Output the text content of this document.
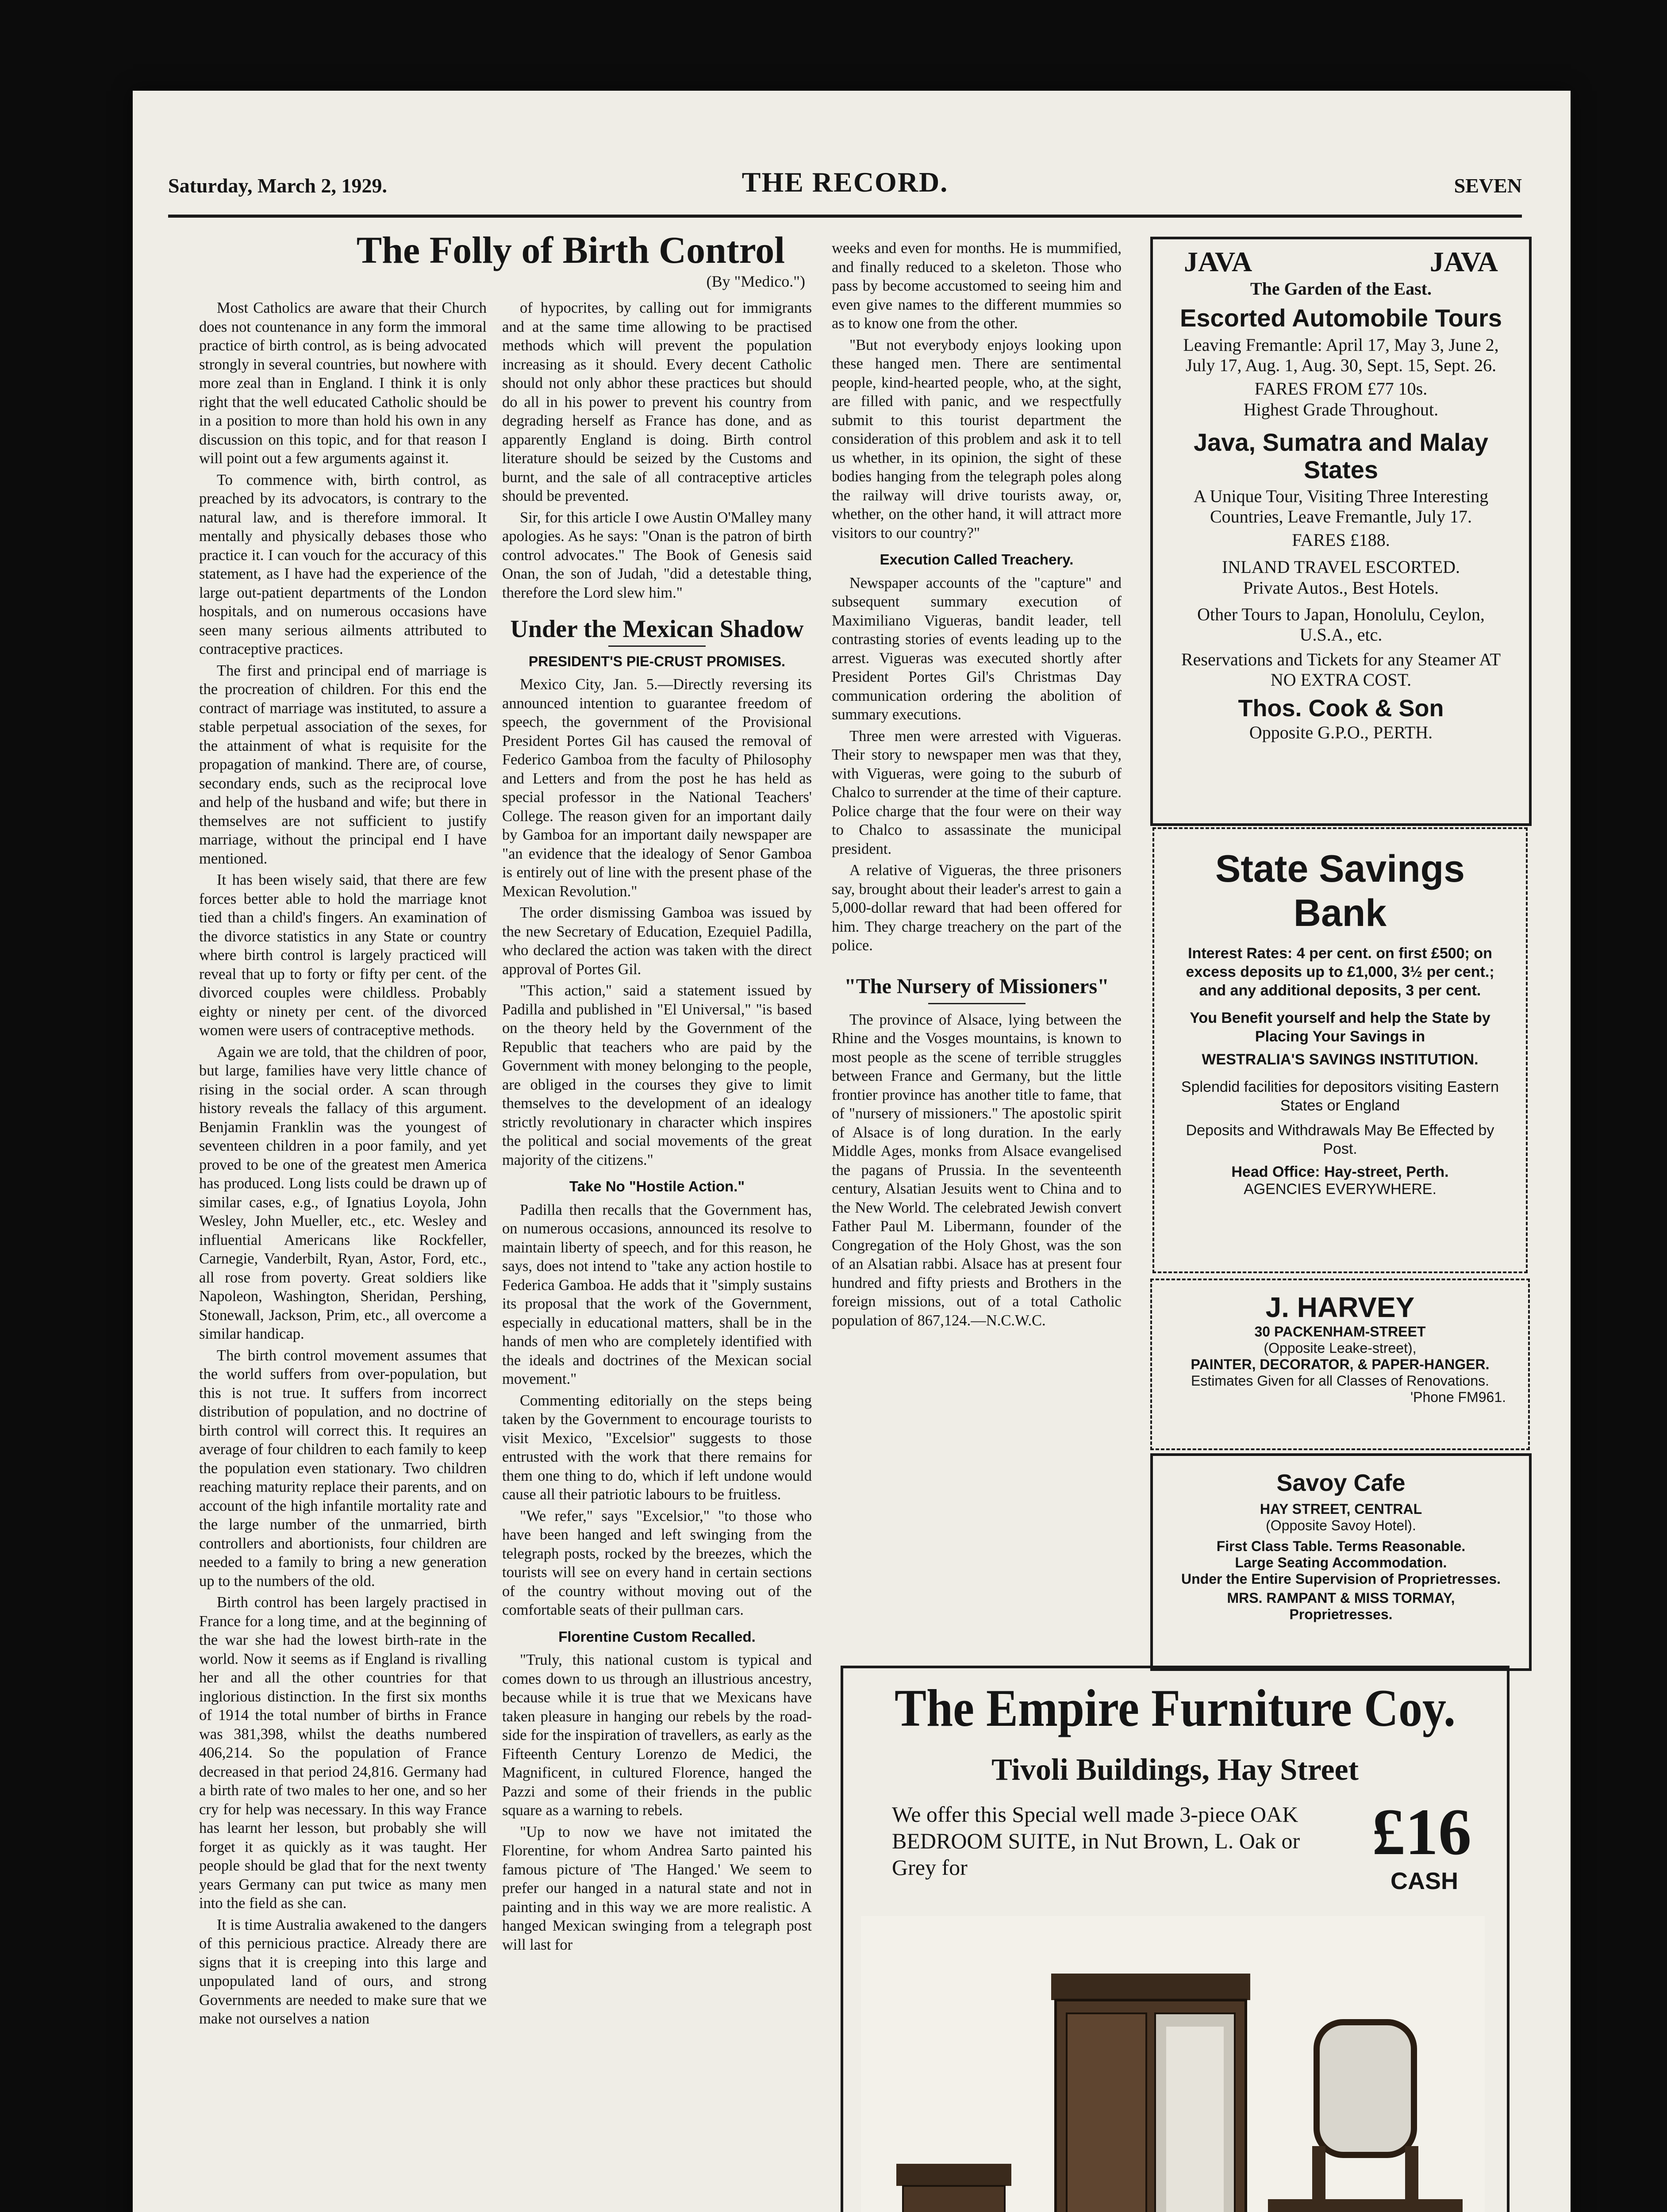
Saturday, March 2, 1929.	THE RECORD.	SEVEN
The Folly of Birth Control
(By "Medico.")

Most Catholics are aware that their Church does not countenance in any form the immoral practice of birth control, as is being advocated strongly in several countries, but nowhere with more zeal than in England. I think it is only right that the well educated Catholic should be in a position to more than hold his own in any discussion on this topic, and for that reason I will point out a few arguments against it.

To commence with, birth control, as preached by its advocators, is contrary to the natural law, and is therefore immoral. It mentally and physically debases those who practice it. I can vouch for the accuracy of this statement, as I have had the experience of the large out-patient departments of the London hospitals, and on numerous occasions have seen many serious ailments attributed to contraceptive practices.

The first and principal end of marriage is the procreation of children. For this end the contract of marriage was instituted, to assure a stable perpetual association of the sexes, for the attainment of what is requisite for the propagation of mankind. There are, of course, secondary ends, such as the reciprocal love and help of the husband and wife; but there in themselves are not sufficient to justify marriage, without the principal end I have mentioned.

It has been wisely said, that there are few forces better able to hold the marriage knot tied than a child's fingers. An examination of the divorce statistics in any State or country where birth control is largely practiced will reveal that up to forty or fifty per cent. of the divorced couples were childless. Probably eighty or ninety per cent. of the divorced women were users of contraceptive methods.

Again we are told, that the children of poor, but large, families have very little chance of rising in the social order. A scan through history reveals the fallacy of this argument. Benjamin Franklin was the youngest of seventeen children in a poor family, and yet proved to be one of the greatest men America has produced. Long lists could be drawn up of similar cases, e.g., of Ignatius Loyola, John Wesley, John Mueller, etc., etc. Wesley and influential Americans like Rockfeller, Carnegie, Vanderbilt, Ryan, Astor, Ford, etc., all rose from poverty. Great soldiers like Napoleon, Washington, Sheridan, Pershing, Stonewall, Jackson, Prim, etc., all overcome a similar handicap.

The birth control movement assumes that the world suffers from over-population, but this is not true. It suffers from incorrect distribution of population, and no doctrine of birth control will correct this. It requires an average of four children to each family to keep the population even stationary. Two children reaching maturity replace their parents, and on account of the high infantile mortality rate and the large number of the unmarried, birth controllers and abortionists, four children are needed to a family to bring a new generation up to the numbers of the old.

Birth control has been largely practised in France for a long time, and at the beginning of the war she had the lowest birth-rate in the world. Now it seems as if England is rivalling her and all the other countries for that inglorious distinction. In the first six months of 1914 the total number of births in France was 381,398, whilst the deaths numbered 406,214. So the population of France decreased in that period 24,816. Germany had a birth rate of two males to her one, and so her cry for help was necessary. In this way France has learnt her lesson, but probably she will forget it as quickly as it was taught. Her people should be glad that for the next twenty years Germany can put twice as many men into the field as she can.

It is time Australia awakened to the dangers of this pernicious practice. Already there are signs that it is creeping into this large and unpopulated land of ours, and strong Governments are needed to make sure that we make not ourselves a nation

of hypocrites, by calling out for immigrants and at the same time allowing to be practised methods which will prevent the population increasing as it should. Every decent Catholic should not only abhor these practices but should do all in his power to prevent his country from degrading herself as France has done, and as apparently England is doing. Birth control literature should be seized by the Customs and burnt, and the sale of all contraceptive articles should be prevented.

Sir, for this article I owe Austin O'Malley many apologies. As he says: "Onan is the patron of birth control advocates." The Book of Genesis said Onan, the son of Judah, "did a detestable thing, therefore the Lord slew him."

Under the Mexican Shadow
PRESIDENT'S PIE-CRUST PROMISES.

Mexico City, Jan. 5.—Directly reversing its announced intention to guarantee freedom of speech, the government of the Provisional President Portes Gil has caused the removal of Federico Gamboa from the faculty of Philosophy and Letters and from the post he has held as special professor in the National Teachers' College. The reason given for an important daily by Gamboa for an important daily newspaper are "an evidence that the idealogy of Senor Gamboa is entirely out of line with the present phase of the Mexican Revolution."

The order dismissing Gamboa was issued by the new Secretary of Education, Ezequiel Padilla, who declared the action was taken with the direct approval of Portes Gil.

"This action," said a statement issued by Padilla and published in "El Universal," "is based on the theory held by the Government of the Republic that teachers who are paid by the Government with money belonging to the people, are obliged in the courses they give to limit themselves to the development of an idealogy strictly revolutionary in character which inspires the political and social movements of the great majority of the citizens."

Take No "Hostile Action."

Padilla then recalls that the Government has, on numerous occasions, announced its resolve to maintain liberty of speech, and for this reason, he says, does not intend to "take any action hostile to Federica Gamboa. He adds that it "simply sustains its proposal that the work of the Government, especially in educational matters, shall be in the hands of men who are completely identified with the ideals and doctrines of the Mexican social movement."

Commenting editorially on the steps being taken by the Government to encourage tourists to visit Mexico, "Excelsior" suggests to those entrusted with the work that there remains for them one thing to do, which if left undone would cause all their patriotic labours to be fruitless.

"We refer," says "Excelsior," "to those who have been hanged and left swinging from the telegraph posts, rocked by the breezes, which the tourists will see on every hand in certain sections of the country without moving out of the comfortable seats of their pullman cars.

Florentine Custom Recalled.

"Truly, this national custom is typical and comes down to us through an illustrious ancestry, because while it is true that we Mexicans have taken pleasure in hanging our rebels by the road-side for the inspiration of travellers, as early as the Fifteenth Century Lorenzo de Medici, the Magnificent, in cultured Florence, hanged the Pazzi and some of their friends in the public square as a warning to rebels.

"Up to now we have not imitated the Florentine, for whom Andrea Sarto painted his famous picture of 'The Hanged.' We seem to prefer our hanged in a natural state and not in painting and in this way we are more realistic. A hanged Mexican swinging from a telegraph post will last for

weeks and even for months. He is mummified, and finally reduced to a skeleton. Those who pass by become accustomed to seeing him and even give names to the different mummies so as to know one from the other.

"But not everybody enjoys looking upon these hanged men. There are sentimental people, kind-hearted people, who, at the sight, are filled with panic, and we respectfully submit to this tourist department the consideration of this problem and ask it to tell us whether, in its opinion, the sight of these bodies hanging from the telegraph poles along the railway will drive tourists away, or, whether, on the other hand, it will attract more visitors to our country?"

Execution Called Treachery.

Newspaper accounts of the "capture" and subsequent summary execution of Maximiliano Vigueras, bandit leader, tell contrasting stories of events leading up to the arrest. Vigueras was executed shortly after President Portes Gil's Christmas Day communication ordering the abolition of summary executions.

Three men were arrested with Vigueras. Their story to newspaper men was that they, with Vigueras, were going to the suburb of Chalco to surrender at the time of their capture. Police charge that the four were on their way to Chalco to assassinate the municipal president.

A relative of Vigueras, the three prisoners say, brought about their leader's arrest to gain a 5,000-dollar reward that had been offered for him. They charge treachery on the part of the police.

"The Nursery of Missioners"

The province of Alsace, lying between the Rhine and the Vosges mountains, is known to most people as the scene of terrible struggles between France and Germany, but the little frontier province has another title to fame, that of "nursery of missioners." The apostolic spirit of Alsace is of long duration. In the early Middle Ages, monks from Alsace evangelised the pagans of Prussia. In the seventeenth century, Alsatian Jesuits went to China and to the New World. The celebrated Jewish convert Father Paul M. Libermann, founder of the Congregation of the Holy Ghost, was the son of an Alsatian rabbi. Alsace has at present four hundred and fifty priests and Brothers in the foreign missions, out of a total Catholic population of 867,124.—N.C.W.C.

JAVA	JAVA
The Garden of the East.
Escorted Automobile Tours
Leaving Fremantle: April 17, May 3, June 2, July 17, Aug. 1, Aug. 30, Sept. 15, Sept. 26.
FARES FROM £77 10s.
Highest Grade Throughout.
Java, Sumatra and Malay States
A Unique Tour, Visiting Three Interesting Countries, Leave Fremantle, July 17.
FARES £188.
INLAND TRAVEL ESCORTED.
Private Autos., Best Hotels.
Other Tours to Japan, Honolulu, Ceylon, U.S.A., etc.
Reservations and Tickets for any Steamer AT NO EXTRA COST.
Thos. Cook & Son
Opposite G.P.O., PERTH.
State Savings
Bank
Interest Rates: 4 per cent. on first £500; on excess deposits up to £1,000, 3½ per cent.; and any additional deposits, 3 per cent.
You Benefit yourself and help the State by Placing Your Savings in
WESTRALIA'S SAVINGS INSTITUTION.
Splendid facilities for depositors visiting Eastern States or England
Deposits and Withdrawals May Be Effected by Post.
Head Office: Hay-street, Perth.
AGENCIES EVERYWHERE.
J. HARVEY
30 PACKENHAM-STREET
(Opposite Leake-street),
PAINTER, DECORATOR, & PAPER-HANGER.
Estimates Given for all Classes of Renovations.
'Phone FM961.
Savoy Cafe
HAY STREET, CENTRAL
(Opposite Savoy Hotel).
First Class Table. Terms Reasonable.
Large Seating Accommodation.
Under the Entire Supervision of Proprietresses.
MRS. RAMPANT & MISS TORMAY,
Proprietresses.
The Empire Furniture Coy.
Tivoli Buildings, Hay Street
We offer this Special well made 3-piece OAK BEDROOM SUITE, in Nut Brown, L. Oak or Grey for	£16
CASH
